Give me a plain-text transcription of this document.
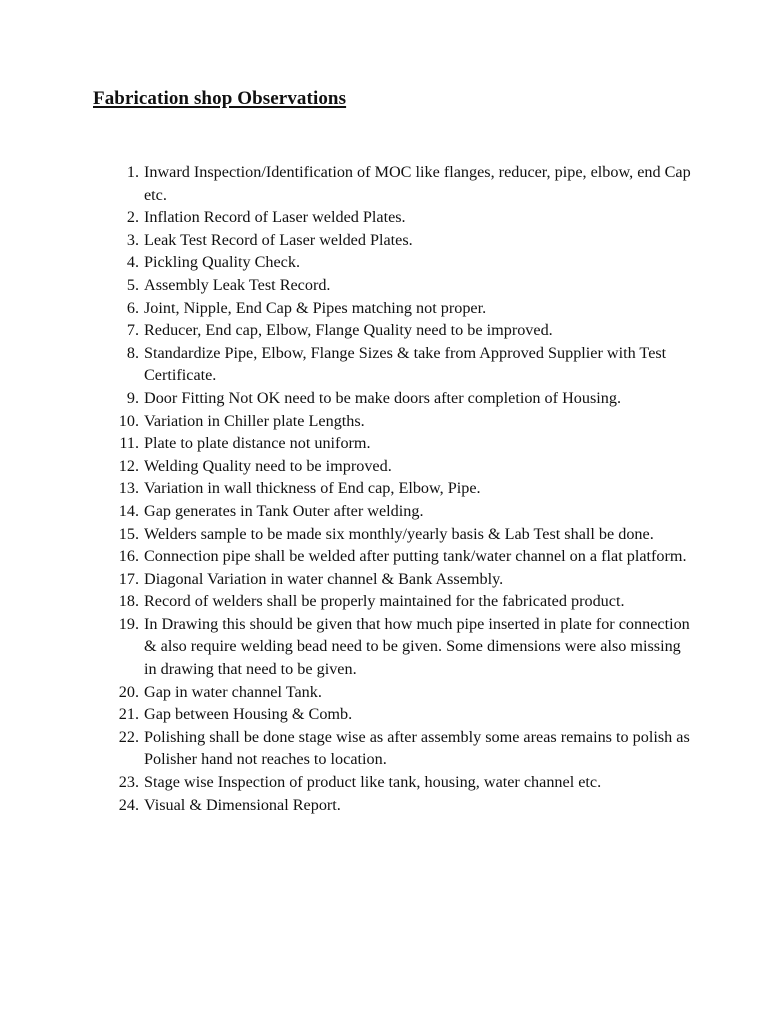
Fabrication shop Observations
1. Inward Inspection/Identification of MOC like flanges, reducer, pipe, elbow, end Cap etc.
2. Inflation Record of Laser welded Plates.
3. Leak Test Record of Laser welded Plates.
4. Pickling Quality Check.
5. Assembly Leak Test Record.
6. Joint, Nipple, End Cap & Pipes matching not proper.
7. Reducer, End cap, Elbow, Flange Quality need to be improved.
8. Standardize Pipe, Elbow, Flange Sizes & take from Approved Supplier with Test Certificate.
9. Door Fitting Not OK need to be make doors after completion of Housing.
10. Variation in Chiller plate Lengths.
11. Plate to plate distance not uniform.
12. Welding Quality need to be improved.
13. Variation in wall thickness of End cap, Elbow, Pipe.
14. Gap generates in Tank Outer after welding.
15. Welders sample to be made six monthly/yearly basis & Lab Test shall be done.
16. Connection pipe shall be welded after putting tank/water channel on a flat platform.
17. Diagonal Variation in water channel & Bank Assembly.
18. Record of welders shall be properly maintained for the fabricated product.
19. In Drawing this should be given that how much pipe inserted in plate for connection & also require welding bead need to be given. Some dimensions were also missing in drawing that need to be given.
20. Gap in water channel Tank.
21. Gap between Housing & Comb.
22. Polishing shall be done stage wise as after assembly some areas remains to polish as Polisher hand not reaches to location.
23. Stage wise Inspection of product like tank, housing, water channel etc.
24. Visual & Dimensional Report.
